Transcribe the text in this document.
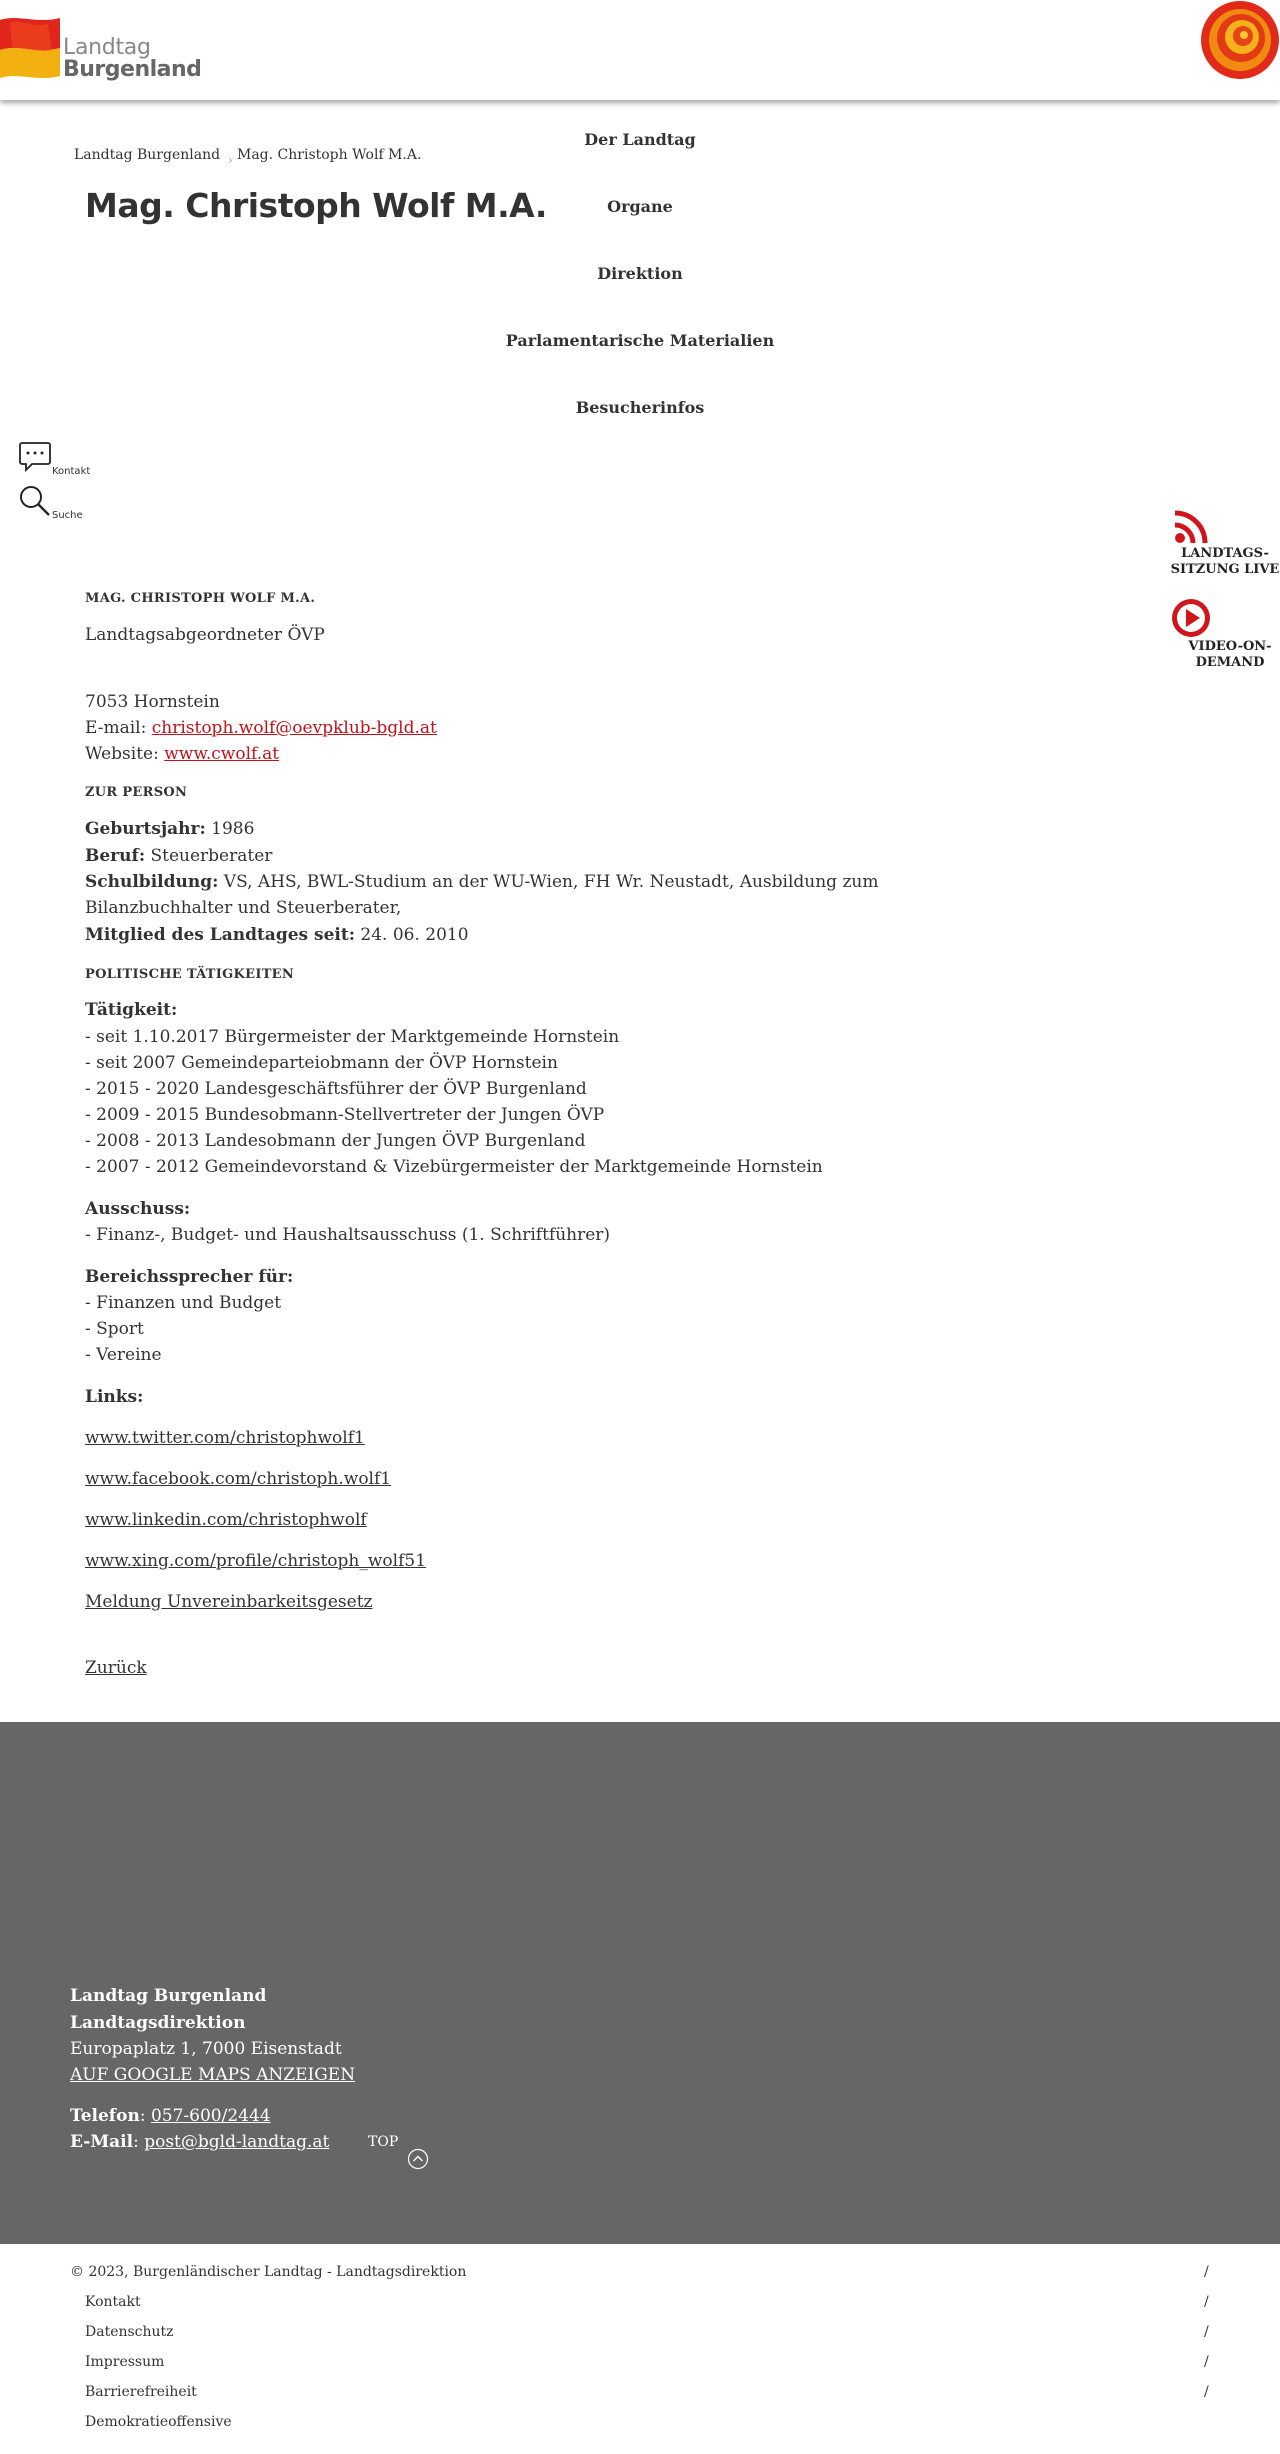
Landtag
Burgenland
Der Landtag
Organe
Direktion
Parlamentarische Materialien
Besucherinfos
Landtag Burgenland › Mag. Christoph Wolf M.A.
Mag. Christoph Wolf M.A.
Kontakt
Suche
LANDTAGS-
SITZUNG LIVE
VIDEO-ON-
DEMAND
MAG. CHRISTOPH WOLF M.A.
Landtagsabgeordneter ÖVP
7053 Hornstein
E-mail: christoph.wolf@oevpklub-bgld.at
Website: www.cwolf.at
ZUR PERSON
Geburtsjahr: 1986
Beruf: Steuerberater
Schulbildung: VS, AHS, BWL-Studium an der WU-Wien, FH Wr. Neustadt, Ausbildung zum
Bilanzbuchhalter und Steuerberater,
Mitglied des Landtages seit: 24. 06. 2010
POLITISCHE TÄTIGKEITEN
Tätigkeit:
- seit 1.10.2017 Bürgermeister der Marktgemeinde Hornstein
- seit 2007 Gemeindeparteiobmann der ÖVP Hornstein
- 2015 - 2020 Landesgeschäftsführer der ÖVP Burgenland
- 2009 - 2015 Bundesobmann-Stellvertreter der Jungen ÖVP
- 2008 - 2013 Landesobmann der Jungen ÖVP Burgenland
- 2007 - 2012 Gemeindevorstand & Vizebürgermeister der Marktgemeinde Hornstein
Ausschuss:
- Finanz-, Budget- und Haushaltsausschuss (1. Schriftführer)
Bereichssprecher für:
- Finanzen und Budget
- Sport
- Vereine
Links:
www.twitter.com/christophwolf1
www.facebook.com/christoph.wolf1
www.linkedin.com/christophwolf
www.xing.com/profile/christoph_wolf51
Meldung Unvereinbarkeitsgesetz
Zurück
Landtag Burgenland
Landtagsdirektion
Europaplatz 1, 7000 Eisenstadt
AUF GOOGLE MAPS ANZEIGEN
Telefon: 057-600/2444
E-Mail: post@bgld-landtag.at	TOP
© 2023, Burgenländischer Landtag - Landtagsdirektion
Kontakt
Datenschutz
Impressum
Barrierefreiheit
Demokratieoffensive
/
/
/
/
/
